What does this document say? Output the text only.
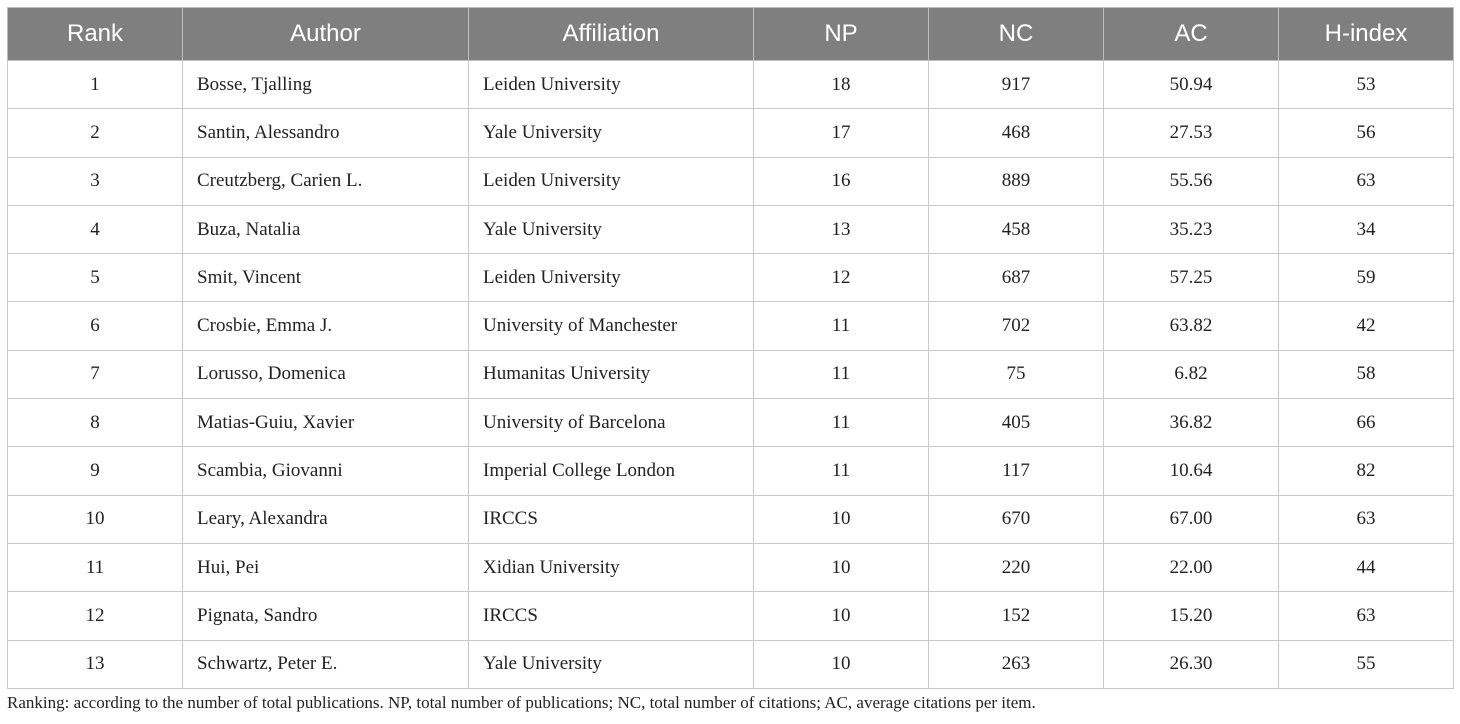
Rank	Author	Affiliation	NP	NC	AC	H-index
1	Bosse, Tjalling	Leiden University	18	917	50.94	53
2	Santin, Alessandro	Yale University	17	468	27.53	56
3	Creutzberg, Carien L.	Leiden University	16	889	55.56	63
4	Buza, Natalia	Yale University	13	458	35.23	34
5	Smit, Vincent	Leiden University	12	687	57.25	59
6	Crosbie, Emma J.	University of Manchester	11	702	63.82	42
7	Lorusso, Domenica	Humanitas University	11	75	6.82	58
8	Matias-Guiu, Xavier	University of Barcelona	11	405	36.82	66
9	Scambia, Giovanni	Imperial College London	11	117	10.64	82
10	Leary, Alexandra	IRCCS	10	670	67.00	63
11	Hui, Pei	Xidian University	10	220	22.00	44
12	Pignata, Sandro	IRCCS	10	152	15.20	63
13	Schwartz, Peter E.	Yale University	10	263	26.30	55
Ranking: according to the number of total publications. NP, total number of publications; NC, total number of citations; AC, average citations per item.
